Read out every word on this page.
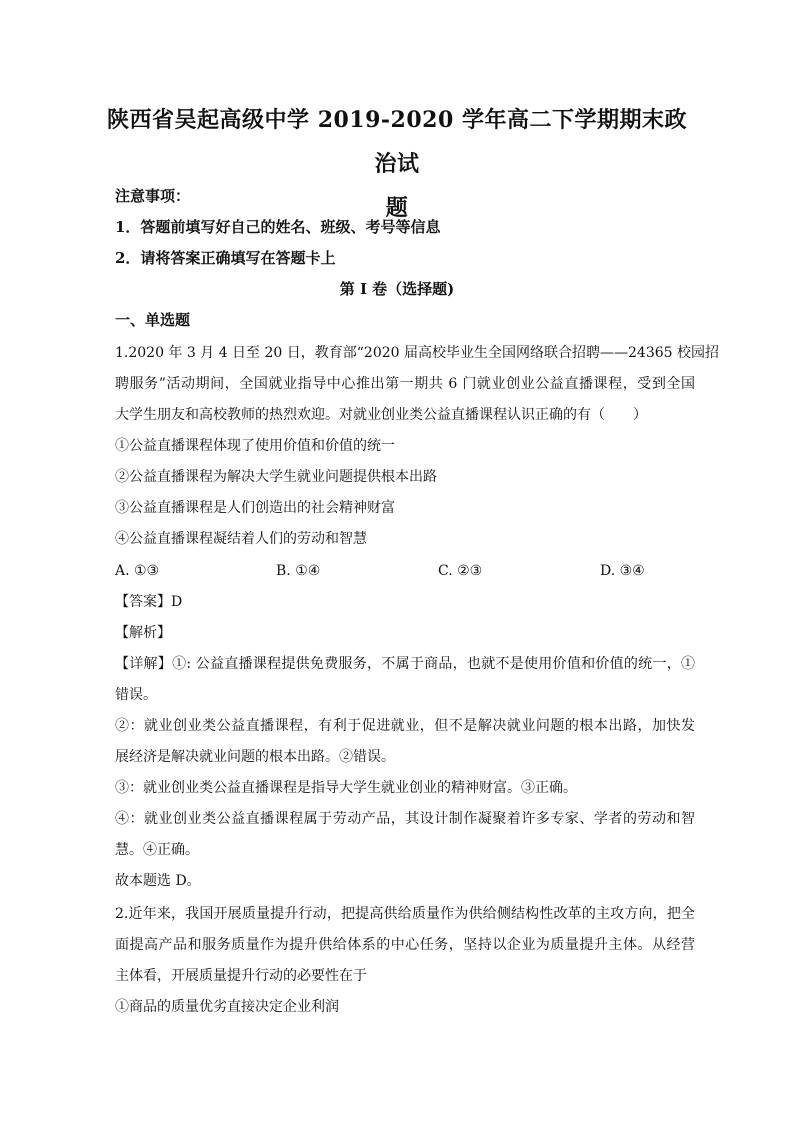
陕西省吴起高级中学 2019-2020 学年高二下学期期末政治试
题
注意事项：
1．答题前填写好自己的姓名、班级、考号等信息
2．请将答案正确填写在答题卡上
第 I 卷（选择题)
一、单选题
1.2020 年 3 月 4 日至 20 日，教育部“2020 届高校毕业生全国网络联合招聘——24365 校园招
聘服务”活动期间，全国就业指导中心推出第一期共 6 门就业创业公益直播课程，受到全国
大学生朋友和高校教师的热烈欢迎。对就业创业类公益直播课程认识正确的有（　　）
①公益直播课程体现了使用价值和价值的统一
②公益直播课程为解决大学生就业问题提供根本出路
③公益直播课程是人们创造出的社会精神财富
④公益直播课程凝结着人们的劳动和智慧
A. ①③	B. ①④	C. ②③	D. ③④
【答案】D
【解析】
【详解】①: 公益直播课程提供免费服务，不属于商品，也就不是使用价值和价值的统一，①
错误。
②：就业创业类公益直播课程，有利于促进就业，但不是解决就业问题的根本出路，加快发
展经济是解决就业问题的根本出路。②错误。
③：就业创业类公益直播课程是指导大学生就业创业的精神财富。③正确。
④：就业创业类公益直播课程属于劳动产品，其设计制作凝聚着许多专家、学者的劳动和智
慧。④正确。
故本题选 D。
2.近年来，我国开展质量提升行动，把提高供给质量作为供给侧结构性改革的主攻方向，把全
面提高产品和服务质量作为提升供给体系的中心任务，坚持以企业为质量提升主体。从经营
主体看，开展质量提升行动的必要性在于
①商品的质量优劣直接决定企业利润
